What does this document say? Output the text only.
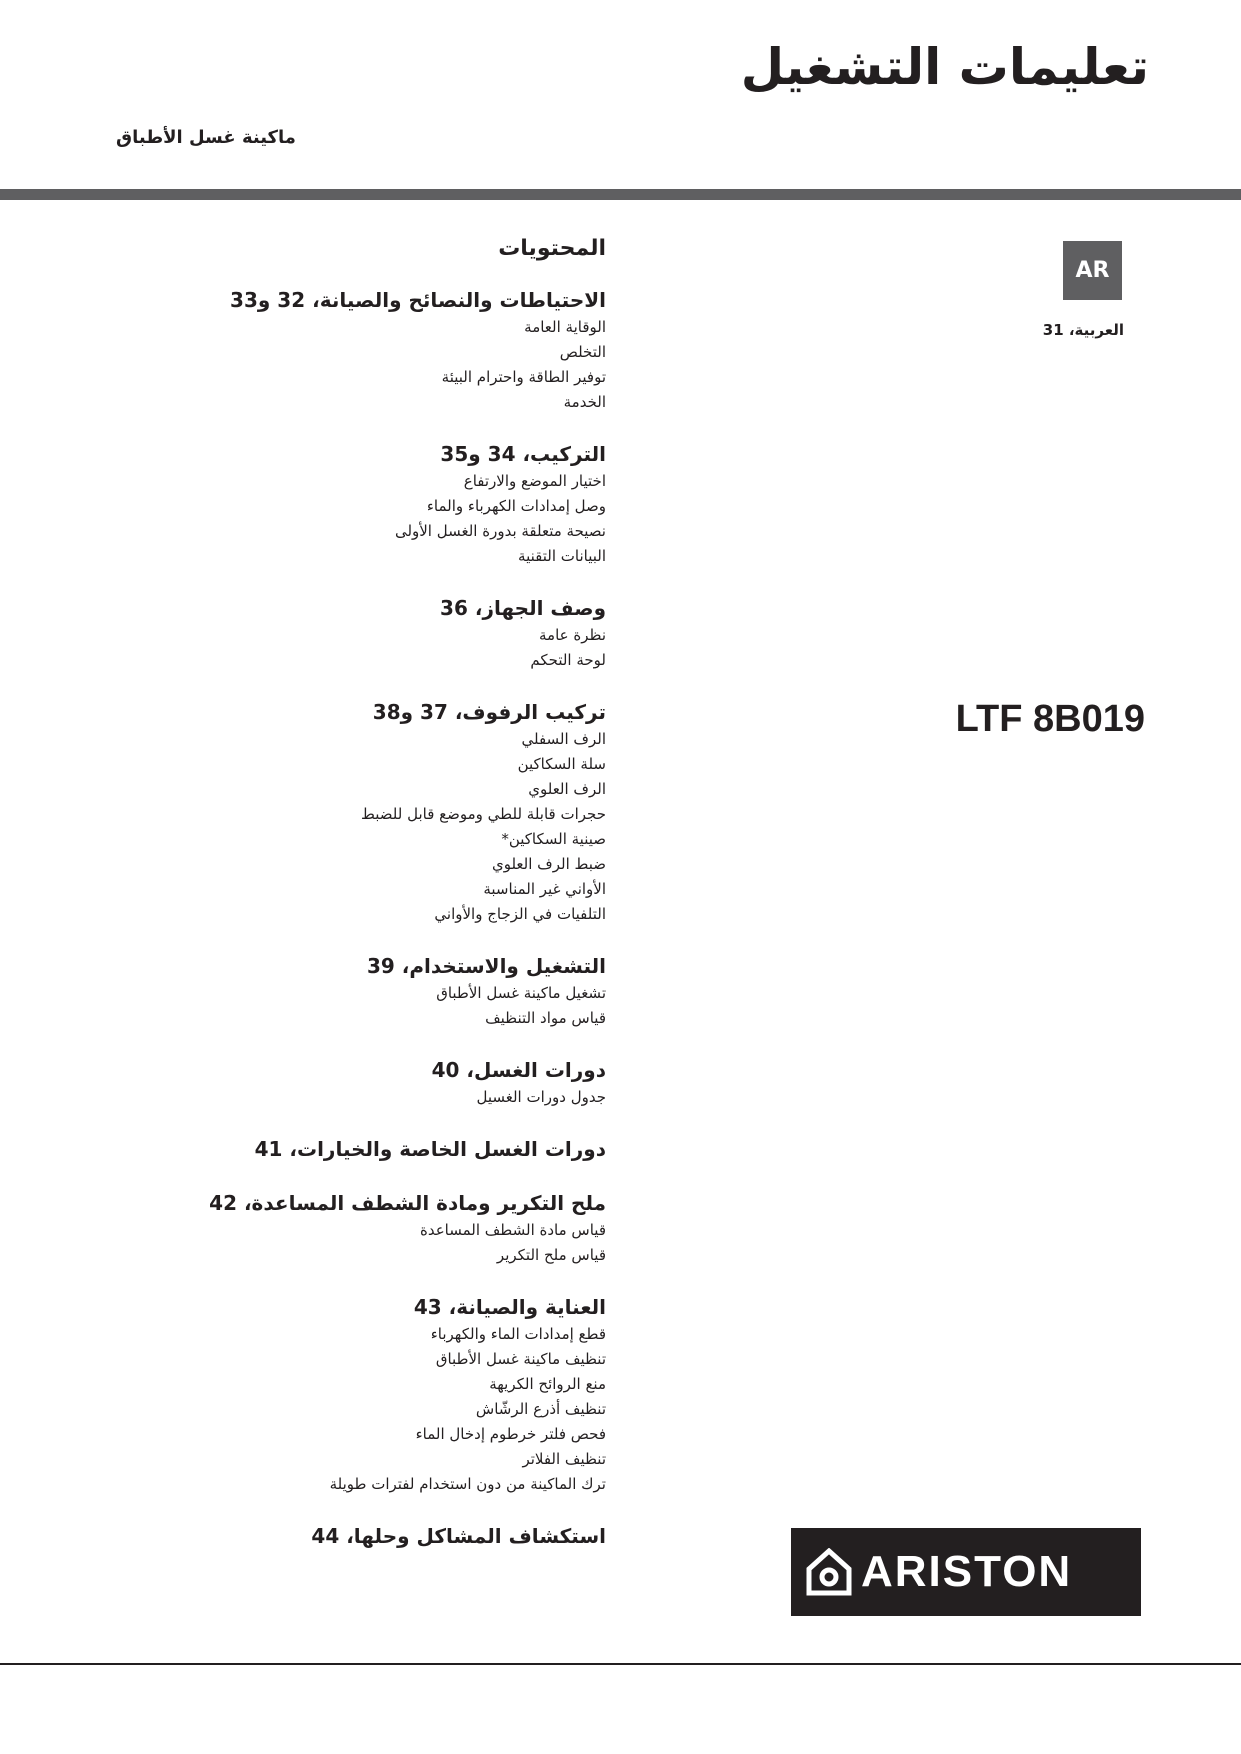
تعليمات التشغيل
ماكينة غسل الأطباق
AR

العربية، 31

LTF 8B019
المحتويات
الاحتياطات والنصائح والصيانة، 32 و33
الوقاية العامة
التخلص
توفير الطاقة واحترام البيئة
الخدمة
التركيب، 34 و35
اختيار الموضع والارتفاع
وصل إمدادات الكهرباء والماء
نصيحة متعلقة بدورة الغسل الأولى
البيانات التقنية
وصف الجهاز، 36
نظرة عامة
لوحة التحكم
تركيب الرفوف، 37 و38
الرف السفلي
سلة السكاكين
الرف العلوي
حجرات قابلة للطي وموضع قابل للضبط
صينية السكاكين*
ضبط الرف العلوي
الأواني غير المناسبة
التلفيات في الزجاج والأواني
التشغيل والاستخدام، 39
تشغيل ماكينة غسل الأطباق
قياس مواد التنظيف
دورات الغسل، 40
جدول دورات الغسيل
دورات الغسل الخاصة والخيارات، 41
ملح التكرير ومادة الشطف المساعدة، 42
قياس مادة الشطف المساعدة
قياس ملح التكرير
العناية والصيانة، 43
قطع إمدادات الماء والكهرباء
تنظيف ماكينة غسل الأطباق
منع الروائح الكريهة
تنظيف أذرع الرشّاش
فحص فلتر خرطوم إدخال الماء
تنظيف الفلاتر
ترك الماكينة من دون استخدام لفترات طويلة
استكشاف المشاكل وحلها، 44
ARISTON
